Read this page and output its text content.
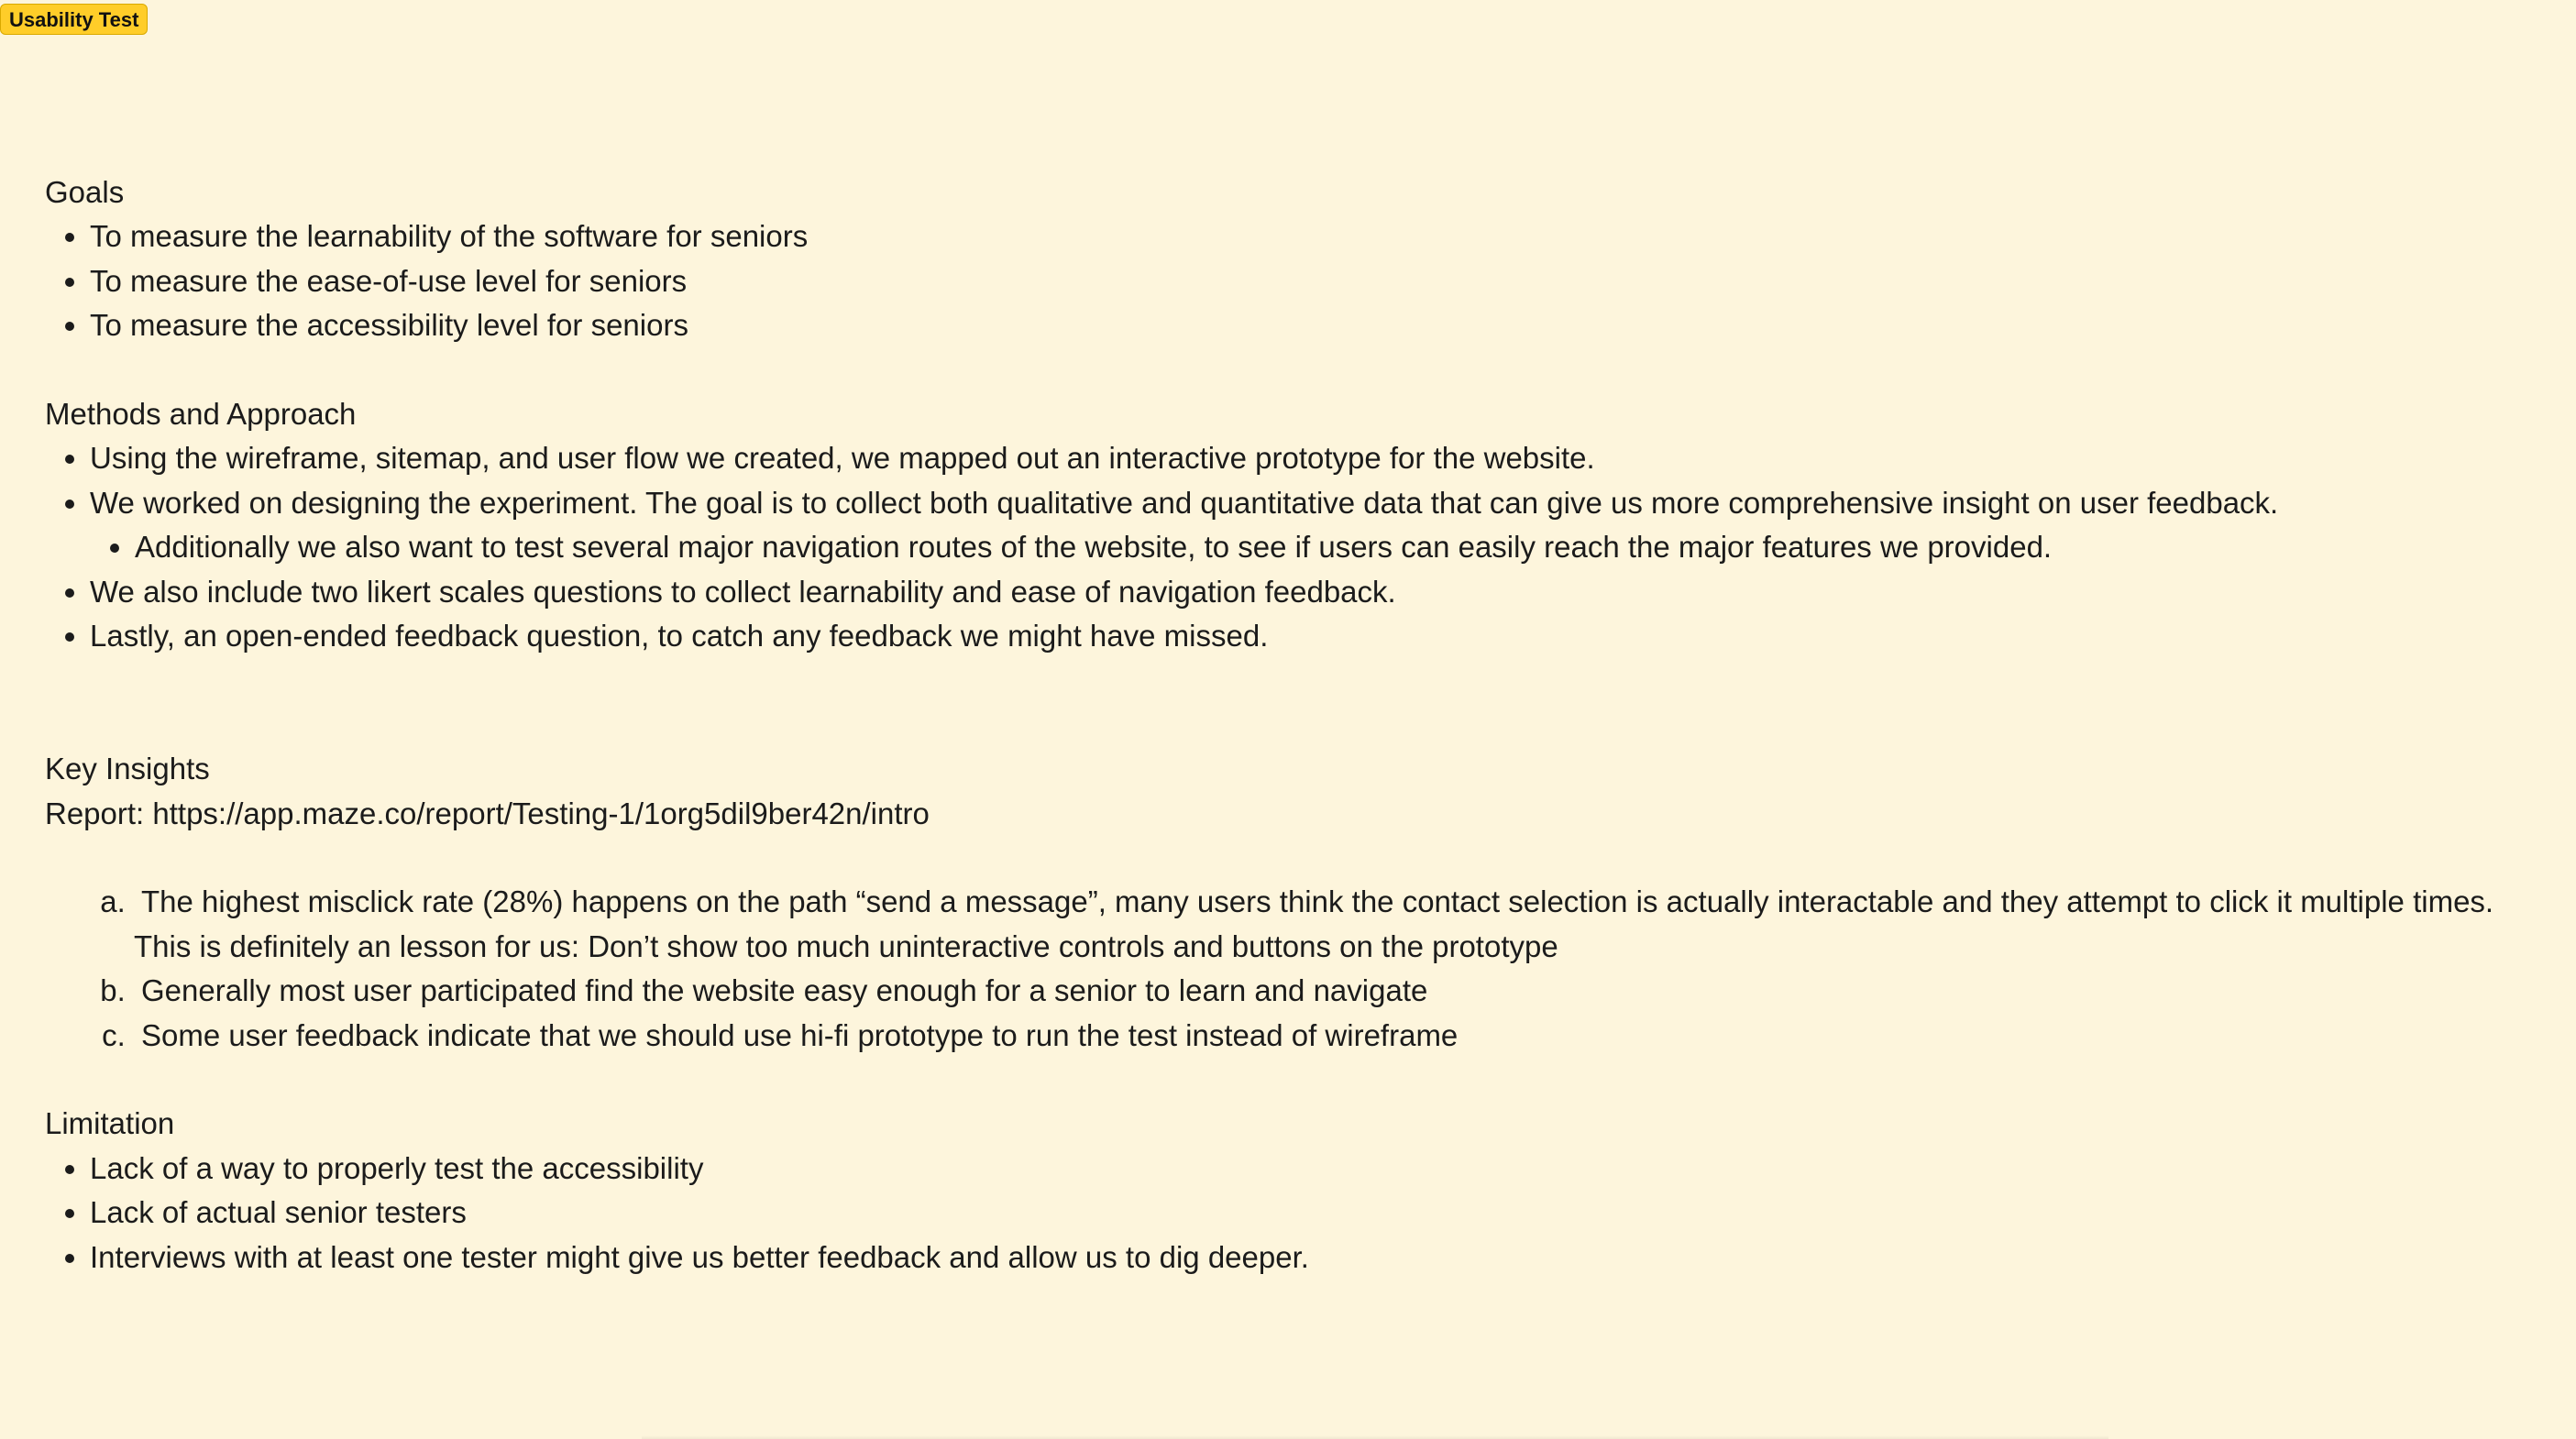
Usability Test

Goals

• To measure the learnability of the software for seniors
• To measure the ease-of-use level for seniors
• To measure the accessibility level for seniors

Methods and Approach

• Using the wireframe, sitemap, and user flow we created, we mapped out an interactive prototype for the website.
• We worked on designing the experiment. The goal is to collect both qualitative and quantitative data that can give us more comprehensive insight on user feedback.
• Additionally we also want to test several major navigation routes of the website, to see if users can easily reach the major features we provided.
• We also include two likert scales questions to collect learnability and ease of navigation feedback.
• Lastly, an open-ended feedback question, to catch any feedback we might have missed.

Key Insights

Report: https://app.maze.co/report/Testing-1/1org5dil9ber42n/intro

a. The highest misclick rate (28%) happens on the path “send a message”, many users think the contact selection is actually interactable and they attempt to click it multiple times.
This is definitely an lesson for us: Don’t show too much uninteractive controls and buttons on the prototype
b. Generally most user participated find the website easy enough for a senior to learn and navigate
c. Some user feedback indicate that we should use hi-fi prototype to run the test instead of wireframe

Limitation

• Lack of a way to properly test the accessibility
• Lack of actual senior testers
• Interviews with at least one tester might give us better feedback and allow us to dig deeper.
